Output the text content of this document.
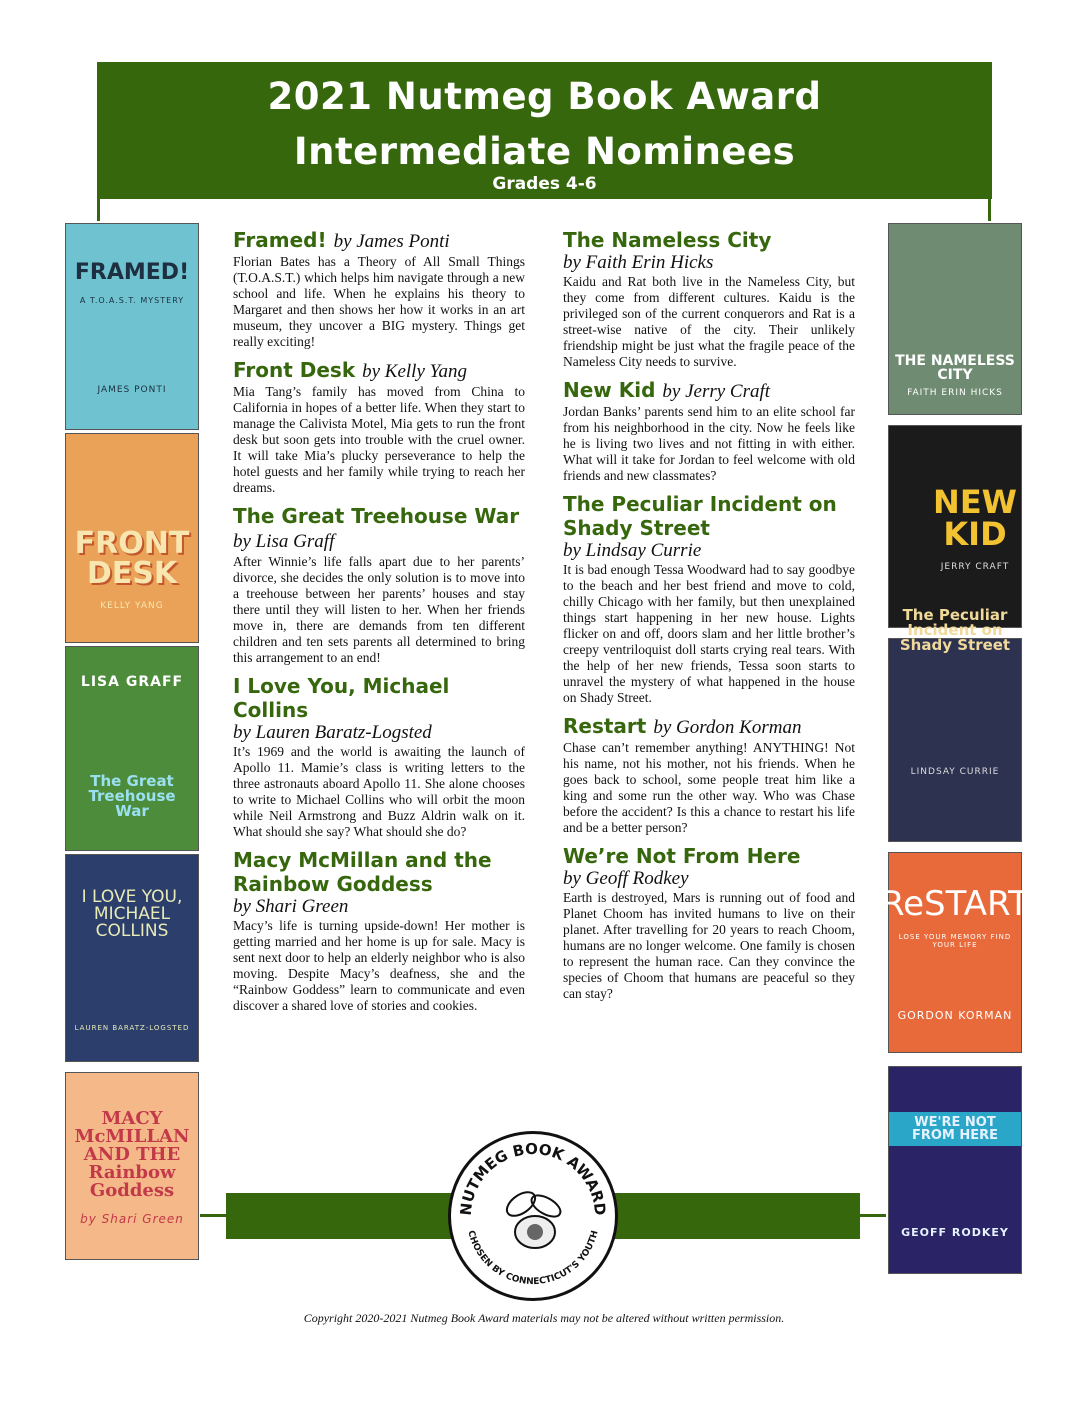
2021 Nutmeg Book Award
Intermediate Nominees
Grades 4-6
FRAMED!
A T.O.A.S.T. MYSTERY
JAMES PONTI
FRONT DESK
KELLY YANG
LISA GRAFF
The Great Treehouse War
I LOVE YOU, MICHAEL COLLINS
LAUREN BARATZ-LOGSTED
MACY McMILLAN AND THE Rainbow Goddess
by Shari Green
THE NAMELESS CITY
FAITH ERIN HICKS
NEW KID
JERRY CRAFT
The Peculiar Incident on Shady Street
LINDSAY CURRIE
ReSTART
LOSE YOUR MEMORY FIND YOUR LIFE
GORDON KORMAN
WE'RE NOT FROM HERE
GEOFF RODKEY
Framed! by James Ponti
Florian Bates has a Theory of All Small Things (T.O.A.S.T.) which helps him navigate through a new school and life. When he explains his theory to Margaret and then shows her how it works in an art museum, they uncover a BIG mystery. Things get really exciting!
Front Desk by Kelly Yang
Mia Tang’s family has moved from China to California in hopes of a better life. When they start to manage the Calivista Motel, Mia gets to run the front desk but soon gets into trouble with the cruel owner. It will take Mia’s plucky perseverance to help the hotel guests and her family while trying to reach her dreams.
The Great Treehouse War by Lisa Graff
After Winnie’s life falls apart due to her parents’ divorce, she decides the only solution is to move into a treehouse between her parents’ houses and stay there until they will listen to her. When her friends move in, there are demands from ten different children and ten sets parents all determined to bring this arrangement to an end!
I Love You, Michael Collins
by Lauren Baratz-Logsted
It’s 1969 and the world is awaiting the launch of Apollo 11. Mamie’s class is writing letters to the three astronauts aboard Apollo 11. She alone chooses to write to Michael Collins who will orbit the moon while Neil Armstrong and Buzz Aldrin walk on it. What should she say? What should she do?
Macy McMillan and the Rainbow Goddess
by Shari Green
Macy’s life is turning upside-down! Her mother is getting married and her home is up for sale. Macy is sent next door to help an elderly neighbor who is also moving. Despite Macy’s deafness, she and the “Rainbow Goddess” learn to communicate and even discover a shared love of stories and cookies.
The Nameless City
by Faith Erin Hicks
Kaidu and Rat both live in the Nameless City, but they come from different cultures. Kaidu is the privileged son of the current conquerors and Rat is a street-wise native of the city. Their unlikely friendship might be just what the fragile peace of the Nameless City needs to survive.
New Kid by Jerry Craft
Jordan Banks’ parents send him to an elite school far from his neighborhood in the city. Now he feels like he is living two lives and not fitting in with either. What will it take for Jordan to feel welcome with old friends and new classmates?
The Peculiar Incident on Shady Street
by Lindsay Currie
It is bad enough Tessa Woodward had to say goodbye to the beach and her best friend and move to cold, chilly Chicago with her family, but then unexplained things start happening in her new house. Lights flicker on and off, doors slam and her little brother’s creepy ventriloquist doll starts crying real tears. With the help of her new friends, Tessa soon starts to unravel the mystery of what happened in the house on Shady Street.
Restart by Gordon Korman
Chase can’t remember anything! ANYTHING! Not his name, not his mother, not his friends. When he goes back to school, some people treat him like a king and some run the other way. Who was Chase before the accident? Is this a chance to restart his life and be a better person?
We’re Not From Here
by Geoff Rodkey
Earth is destroyed, Mars is running out of food and Planet Choom has invited humans to live on their planet. After travelling for 20 years to reach Choom, humans are no longer welcome. One family is chosen to represent the human race. Can they convince the species of Choom that humans are peaceful so they can stay?
NUTMEG BOOK AWARD
CHOSEN BY CONNECTICUT'S YOUTH
Copyright 2020-2021 Nutmeg Book Award materials may not be altered without written permission.
